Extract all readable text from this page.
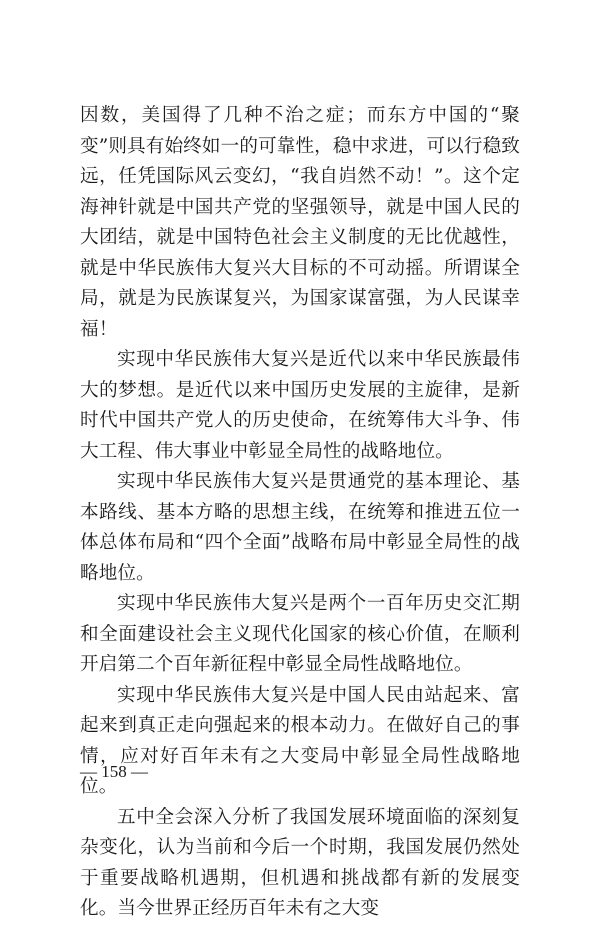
因数，美国得了几种不治之症；而东方中国的“聚变”则具有始终如一的可靠性，稳中求进，可以行稳致远，任凭国际风云变幻，“我自岿然不动！”。这个定海神针就是中国共产党的坚强领导，就是中国人民的大团结，就是中国特色社会主义制度的无比优越性，就是中华民族伟大复兴大目标的不可动摇。所谓谋全局，就是为民族谋复兴，为国家谋富强，为人民谋幸福！

实现中华民族伟大复兴是近代以来中华民族最伟大的梦想。是近代以来中国历史发展的主旋律，是新时代中国共产党人的历史使命，在统筹伟大斗争、伟大工程、伟大事业中彰显全局性的战略地位。

实现中华民族伟大复兴是贯通党的基本理论、基本路线、基本方略的思想主线，在统筹和推进五位一体总体布局和“四个全面”战略布局中彰显全局性的战略地位。

实现中华民族伟大复兴是两个一百年历史交汇期和全面建设社会主义现代化国家的核心价值，在顺利开启第二个百年新征程中彰显全局性战略地位。

实现中华民族伟大复兴是中国人民由站起来、富起来到真正走向强起来的根本动力。在做好自己的事情，应对好百年未有之大变局中彰显全局性战略地位。

五中全会深入分析了我国发展环境面临的深刻复杂变化，认为当前和今后一个时期，我国发展仍然处于重要战略机遇期，但机遇和挑战都有新的发展变化。当今世界正经历百年未有之大变

— 158 —
